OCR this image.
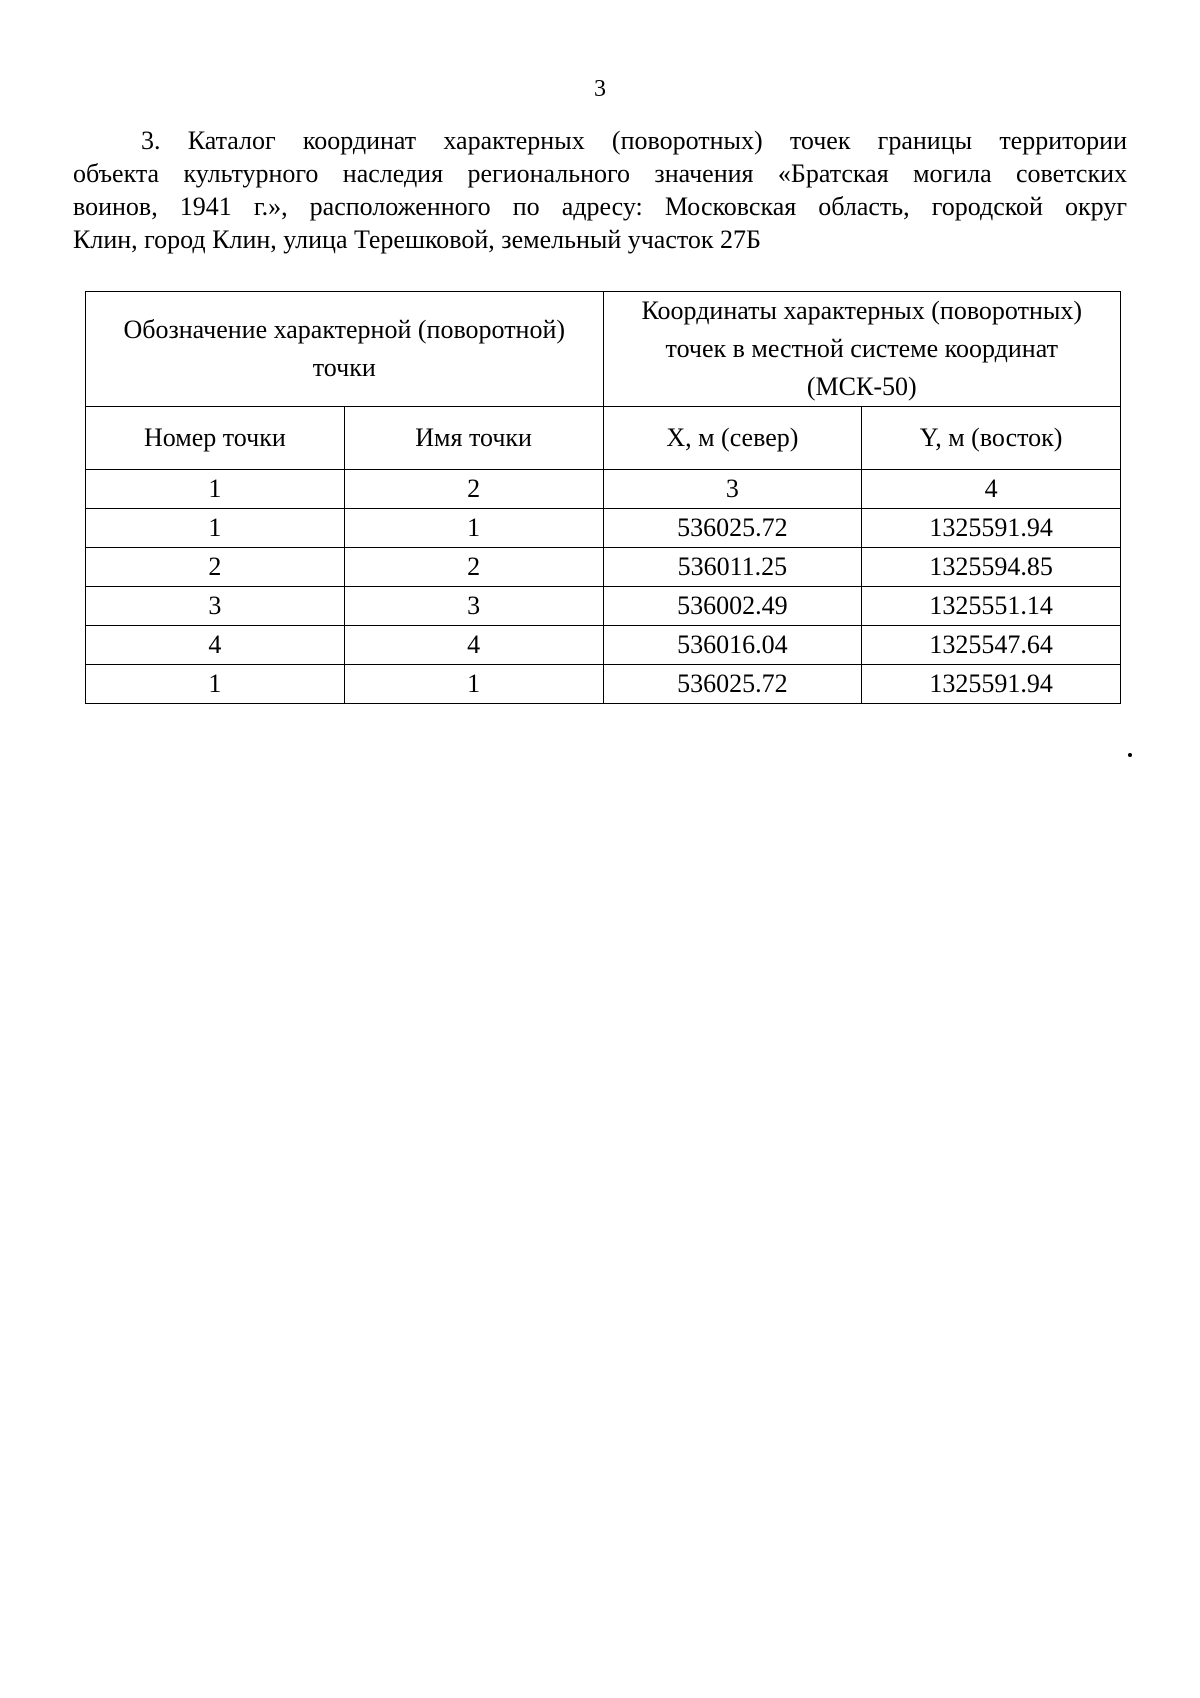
3
3. Каталог координат характерных (поворотных) точек границы территории
объекта культурного наследия регионального значения «Братская могила советских
воинов, 1941 г.», расположенного по адресу: Московская область, городской округ
Клин, город Клин, улица Терешковой, земельный участок 27Б
Обозначение характерной (поворотной) точки		Координаты характерных (поворотных) точек в местной системе координат (МСК-50)	
Номер точки	Имя точки	X, м (север)	Y, м (восток)
1	2	3	4
1	1	536025.72	1325591.94
2	2	536011.25	1325594.85
3	3	536002.49	1325551.14
4	4	536016.04	1325547.64
1	1	536025.72	1325591.94
